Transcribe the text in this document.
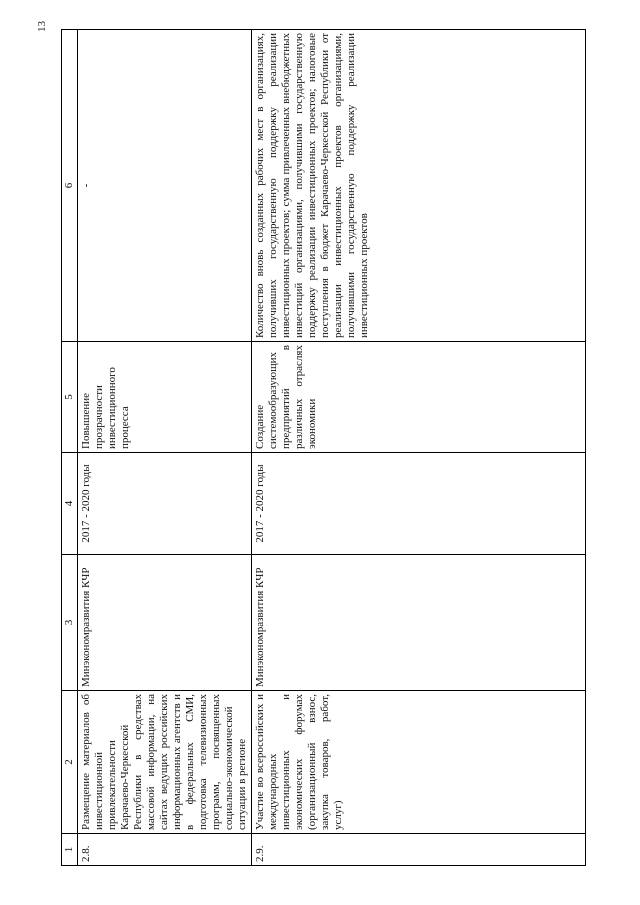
13
1	2	3	4	5	6
2.8.	Размещение материалов об инвестиционной привлекательности Карачаево-Черкесской Республики в средствах массовой информации, на сайтах ведущих российских информационных агентств и в федеральных СМИ, подготовка телевизионных программ, посвященных социально-экономической ситуации в регионе	Минэкономразвития КЧР	2017 - 2020 годы	Повышение прозрачности инвестиционного процесса	-
2.9.	Участие во всероссийских и международных инвестиционных и экономических форумах (организационный взнос, закупка товаров, работ, услуг)	Минэкономразвития КЧР	2017 - 2020 годы	Создание системообразующих предприятий в различных отраслях экономики	Количество вновь созданных рабочих мест в организациях, получивших государственную поддержку реализации инвестиционных проектов; сумма привлеченных внебюджетных инвестиций организациями, получившими государственную поддержку реализации инвестиционных проектов; налоговые поступления в бюджет Карачаево-Черкесской Республики от реализации инвестиционных проектов организациями, получившими государственную поддержку реализации инвестиционных проектов
